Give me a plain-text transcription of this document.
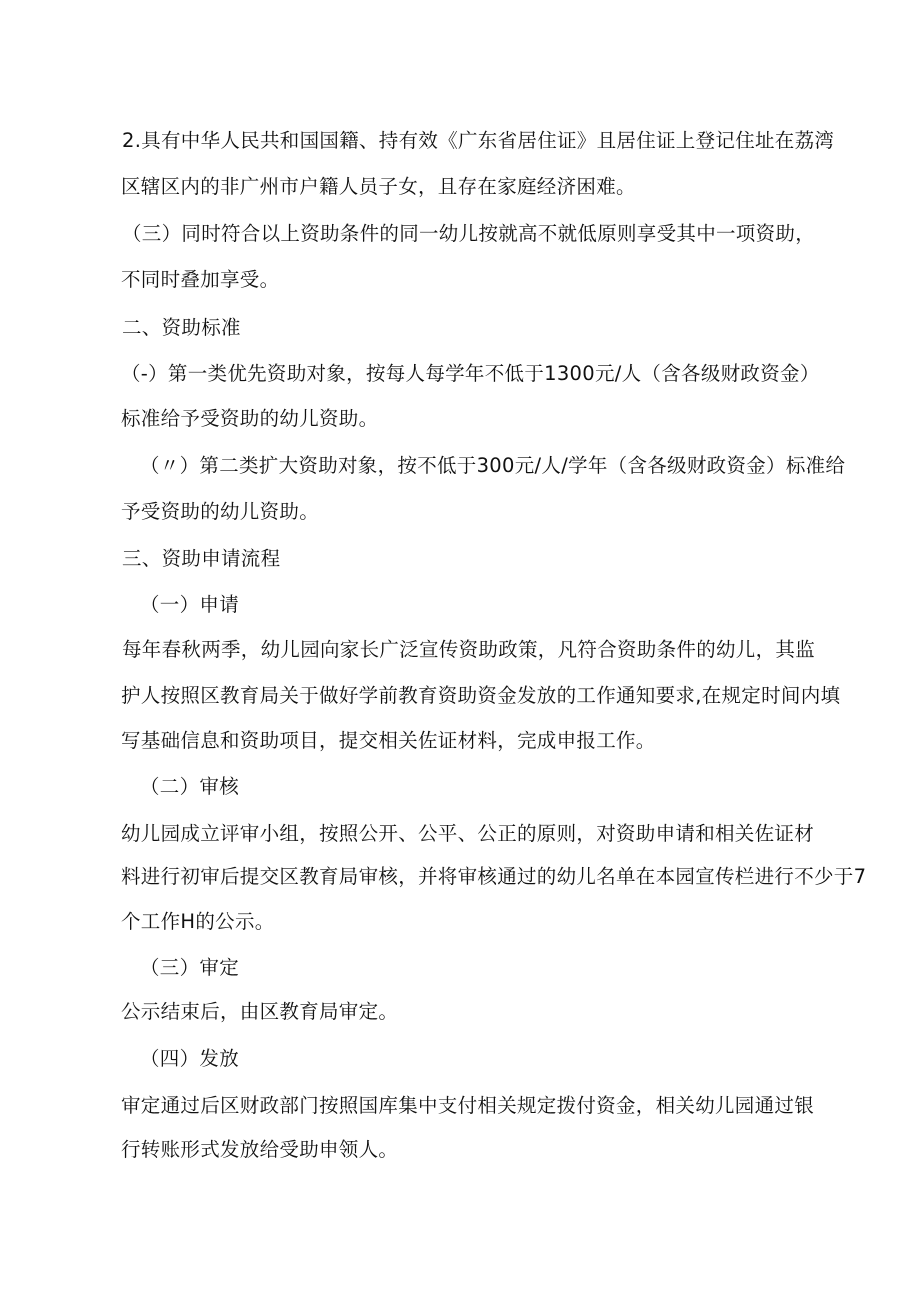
2.具有中华人民共和国国籍、持有效《广东省居住证》且居住证上登记住址在荔湾
区辖区内的非广州市户籍人员子女，且存在家庭经济困难。
（三）同时符合以上资助条件的同一幼儿按就高不就低原则享受其中一项资助，
不同时叠加享受。
二、资助标准
（-）第一类优先资助对象，按每人每学年不低于1300元/人（含各级财政资金）
标准给予受资助的幼儿资助。
（〃）第二类扩大资助对象，按不低于300元/人/学年（含各级财政资金）标准给
予受资助的幼儿资助。
三、资助申请流程
（一）申请
每年春秋两季，幼儿园向家长广泛宣传资助政策，凡符合资助条件的幼儿，其监
护人按照区教育局关于做好学前教育资助资金发放的工作通知要求,在规定时间内填
写基础信息和资助项目，提交相关佐证材料，完成申报工作。
（二）审核
幼儿园成立评审小组，按照公开、公平、公正的原则，对资助申请和相关佐证材
料进行初审后提交区教育局审核，并将审核通过的幼儿名单在本园宣传栏进行不少于7
个工作H的公示。
（三）审定
公示结束后，由区教育局审定。
（四）发放
审定通过后区财政部门按照国库集中支付相关规定拨付资金，相关幼儿园通过银
行转账形式发放给受助申领人。
